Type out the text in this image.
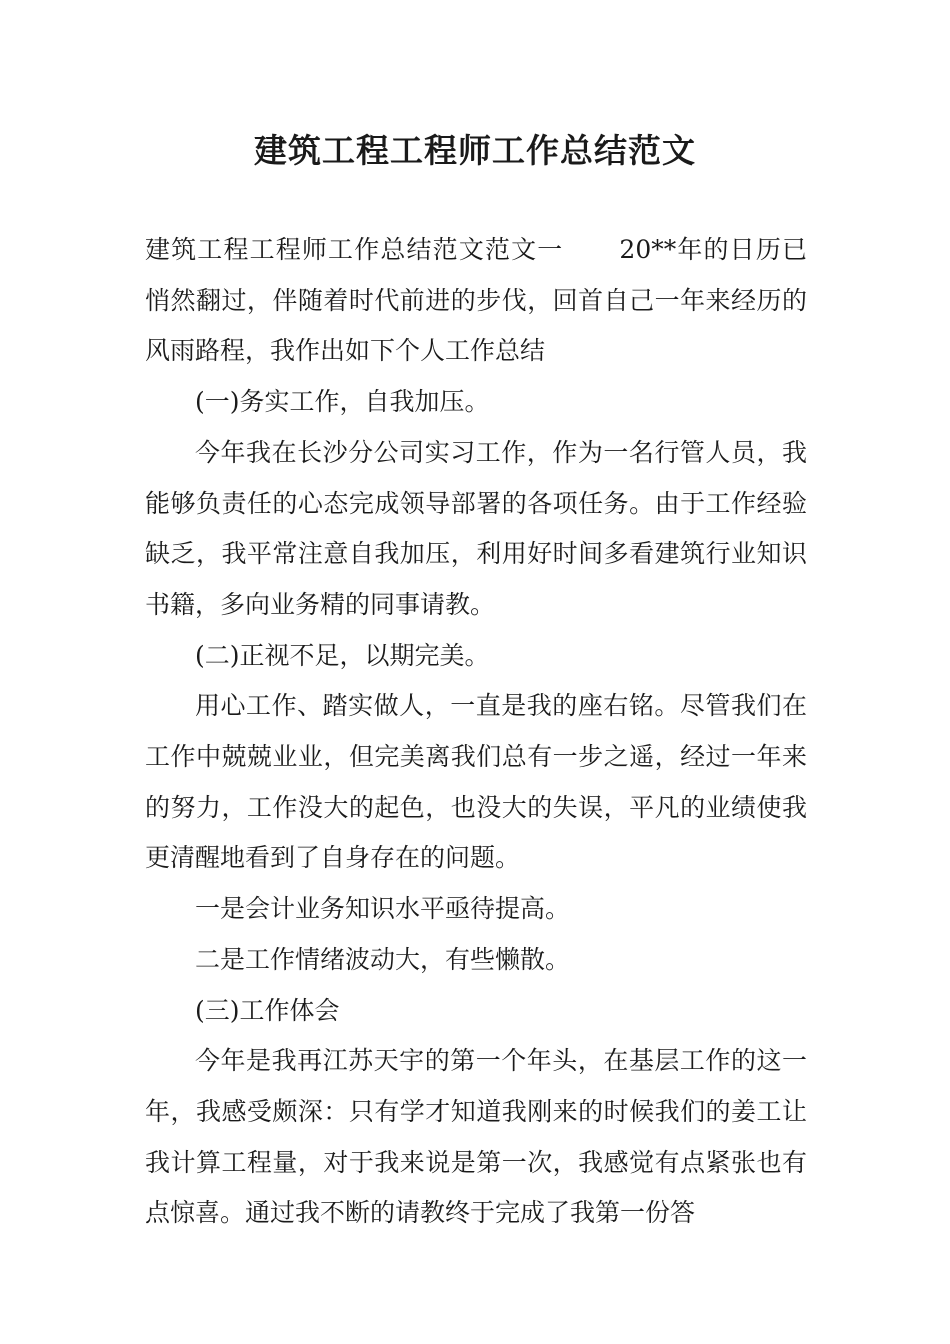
建筑工程工程师工作总结范文

建筑工程工程师工作总结范文范文一 20**年的日历已悄然翻过，伴随着时代前进的步伐，回首自己一年来经历的风雨路程，我作出如下个人工作总结

(一)务实工作，自我加压。

今年我在长沙分公司实习工作，作为一名行管人员，我能够负责任的心态完成领导部署的各项任务。由于工作经验缺乏，我平常注意自我加压，利用好时间多看建筑行业知识书籍，多向业务精的同事请教。

(二)正视不足，以期完美。

用心工作、踏实做人，一直是我的座右铭。尽管我们在工作中兢兢业业，但完美离我们总有一步之遥，经过一年来的努力，工作没大的起色，也没大的失误，平凡的业绩使我更清醒地看到了自身存在的问题。

一是会计业务知识水平亟待提高。

二是工作情绪波动大，有些懒散。

(三)工作体会

今年是我再江苏天宇的第一个年头，在基层工作的这一年，我感受颇深：只有学才知道我刚来的时候我们的姜工让我计算工程量，对于我来说是第一次，我感觉有点紧张也有点惊喜。通过我不断的请教终于完成了我第一份答
